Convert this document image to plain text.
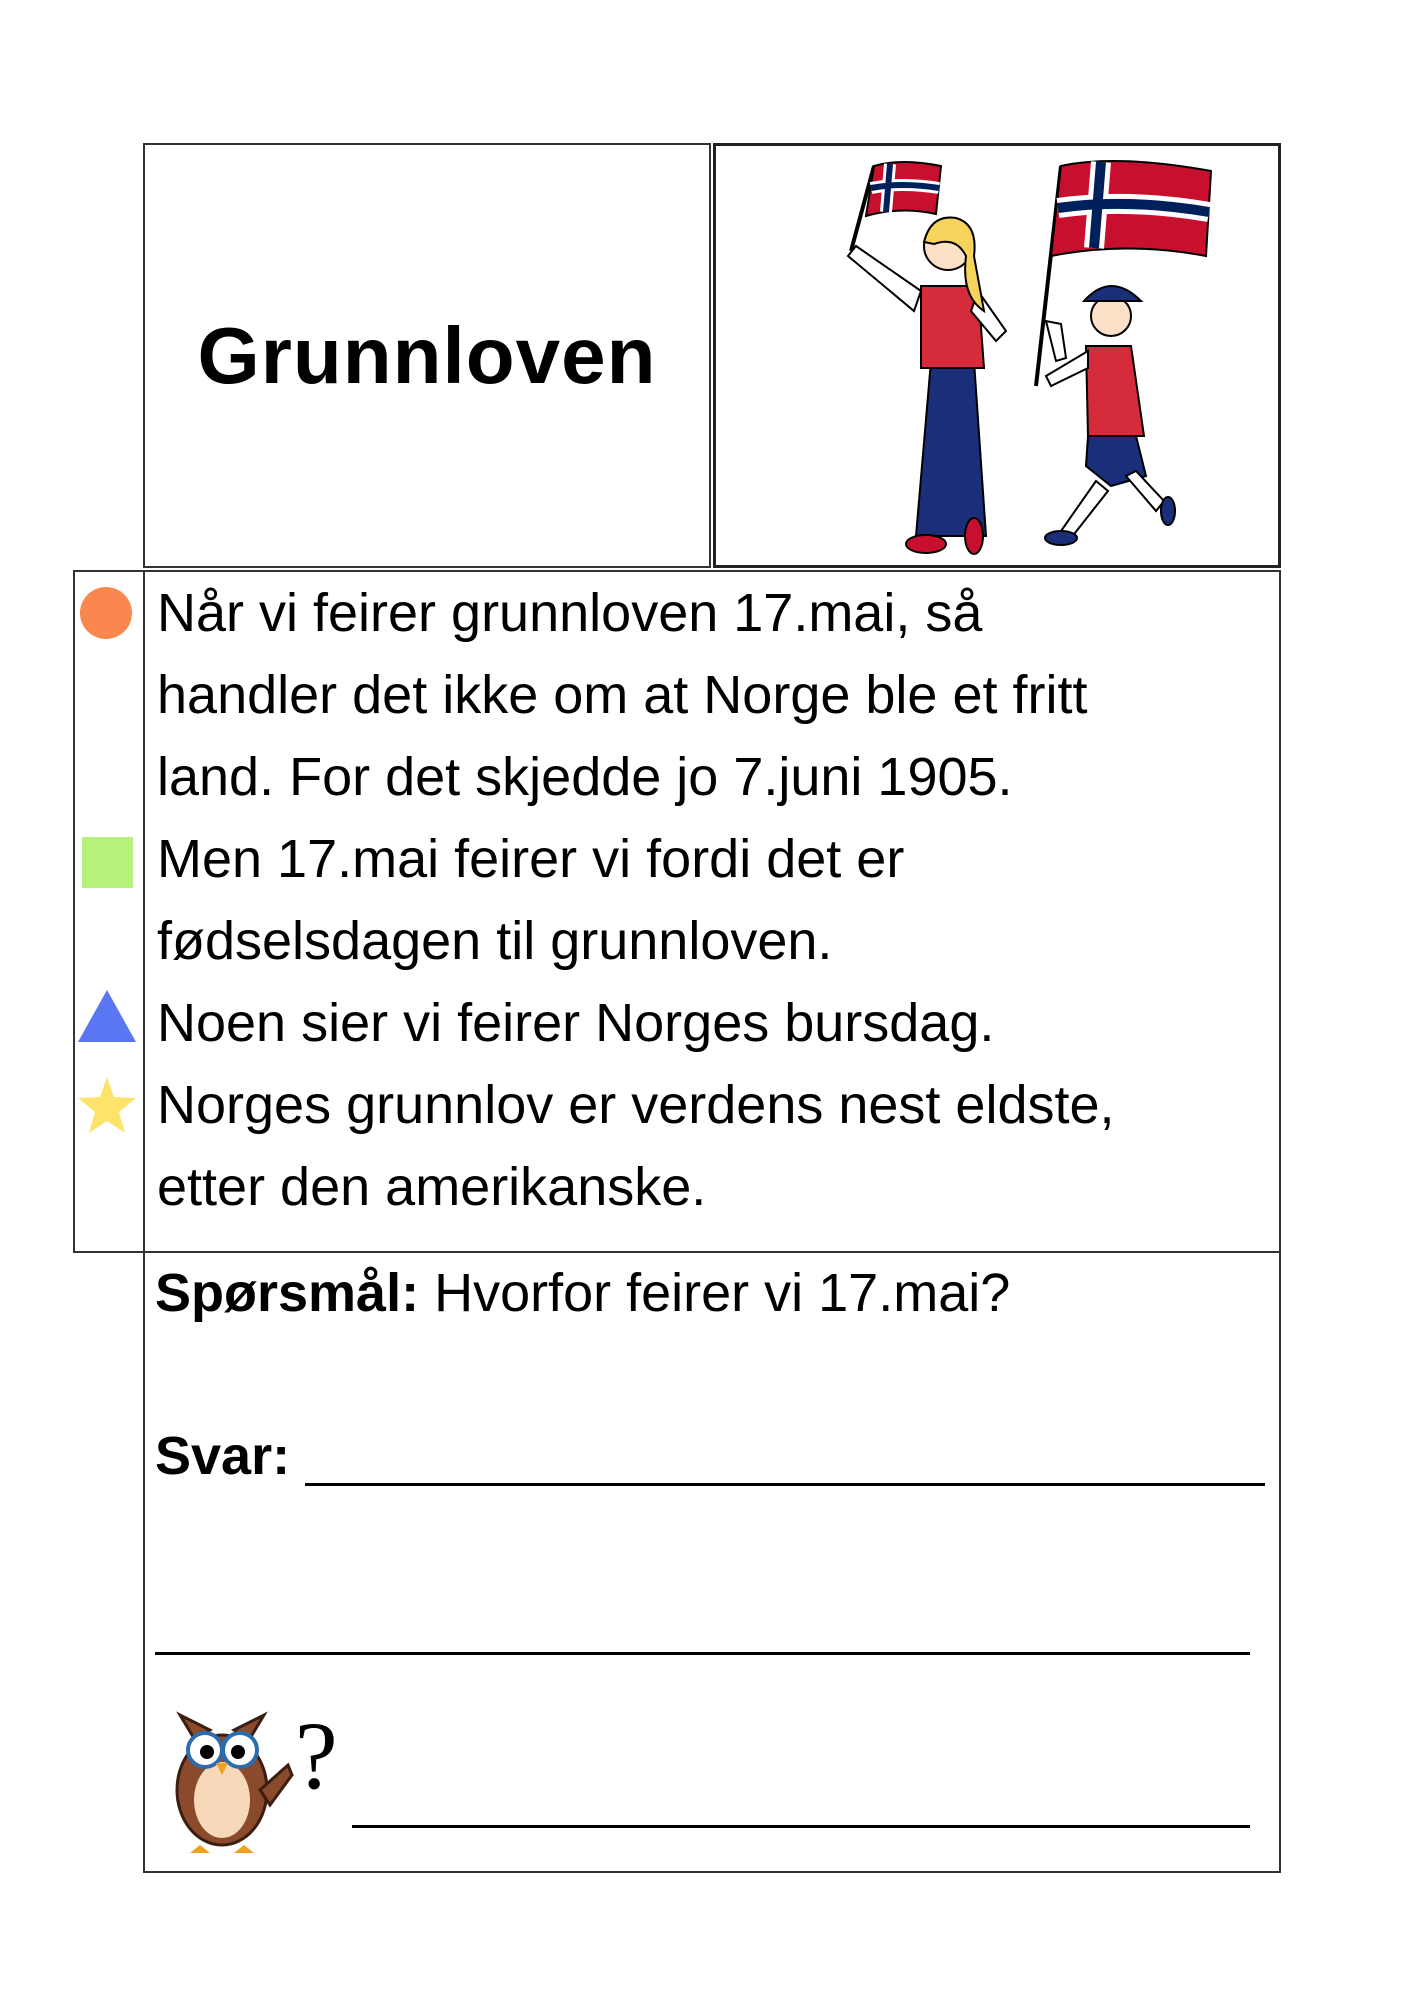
Grunnloven

Når vi feirer grunnloven 17.mai, så

handler det ikke om at Norge ble et fritt

land. For det skjedde jo 7.juni 1905.

Men 17.mai feirer vi fordi det er

fødselsdagen til grunnloven.

Noen sier vi feirer Norges bursdag.

Norges grunnlov er verdens nest eldste,

etter den amerikanske.

Spørsmål: Hvorfor feirer vi 17.mai?
Svar:
?
